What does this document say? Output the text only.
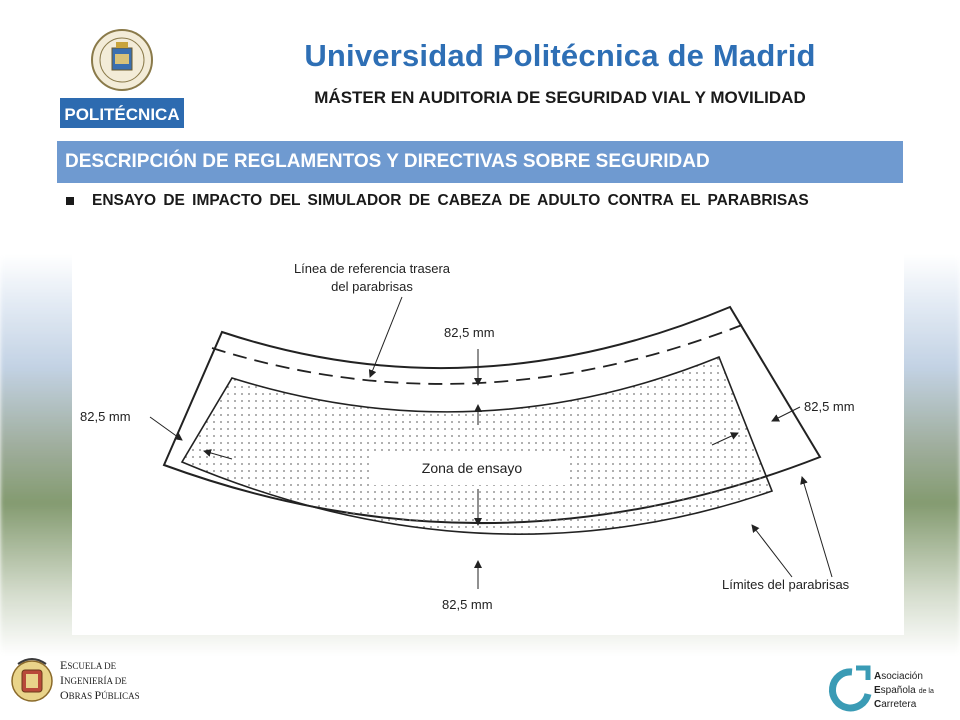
POLITÉCNICA
Universidad Politécnica de Madrid
MÁSTER EN AUDITORIA DE SEGURIDAD VIAL Y MOVILIDAD
DESCRIPCIÓN DE REGLAMENTOS Y DIRECTIVAS SOBRE SEGURIDAD
ENSAYO DE IMPACTO DEL SIMULADOR DE CABEZA DE ADULTO CONTRA EL PARABRISAS
Zona de ensayo
Línea de referencia trasera
del parabrisas
82,5 mm
82,5 mm
82,5 mm
82,5 mm
Límites del parabrisas
ESCUELA DE
INGENIERÍA DE
OBRAS PÚBLICAS
Asociación
Española de la
Carretera
